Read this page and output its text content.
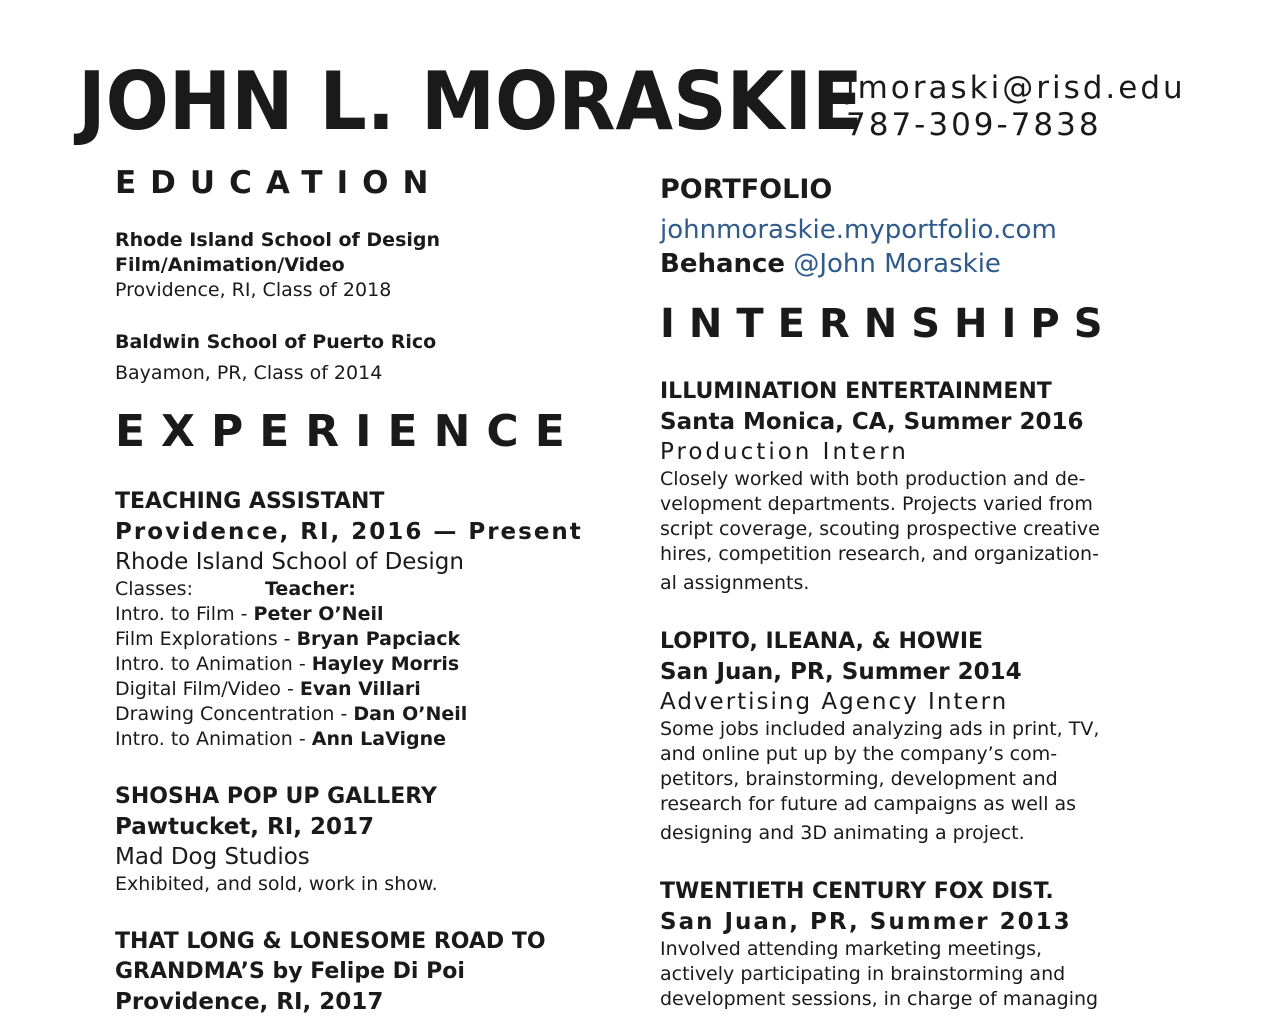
JOHN L. MORASKIE
jmoraski@risd.edu
787-309-7838
EDUCATION
Rhode Island School of Design
Film/Animation/Video
Providence, RI, Class of 2018
Baldwin School of Puerto Rico
Bayamon, PR, Class of 2014
EXPERIENCE
TEACHING ASSISTANT
Providence, RI, 2016 — Present
Rhode Island School of Design
Classes:	Teacher:
Intro. to Film - Peter O’Neil
Film Explorations - Bryan Papciack
Intro. to Animation - Hayley Morris
Digital Film/Video - Evan Villari
Drawing Concentration - Dan O’Neil
Intro. to Animation - Ann LaVigne
SHOSHA POP UP GALLERY
Pawtucket, RI, 2017
Mad Dog Studios
Exhibited, and sold, work in show.
THAT LONG & LONESOME ROAD TO
GRANDMA’S by Felipe Di Poi
Providence, RI, 2017
PORTFOLIO
johnmoraskie.myportfolio.com
Behance @John Moraskie
INTERNSHIPS
ILLUMINATION ENTERTAINMENT
Santa Monica, CA, Summer 2016
Production Intern
Closely worked with both production and de-
velopment departments. Projects varied from
script coverage, scouting prospective creative
hires, competition research, and organization-
al assignments.
LOPITO, ILEANA, & HOWIE
San Juan, PR, Summer 2014
Advertising Agency Intern
Some jobs included analyzing ads in print, TV,
and online put up by the company’s com-
petitors, brainstorming, development and
research for future ad campaigns as well as
designing and 3D animating a project.
TWENTIETH CENTURY FOX DIST.
San Juan, PR, Summer 2013
Involved attending marketing meetings,
actively participating in brainstorming and
development sessions, in charge of managing
